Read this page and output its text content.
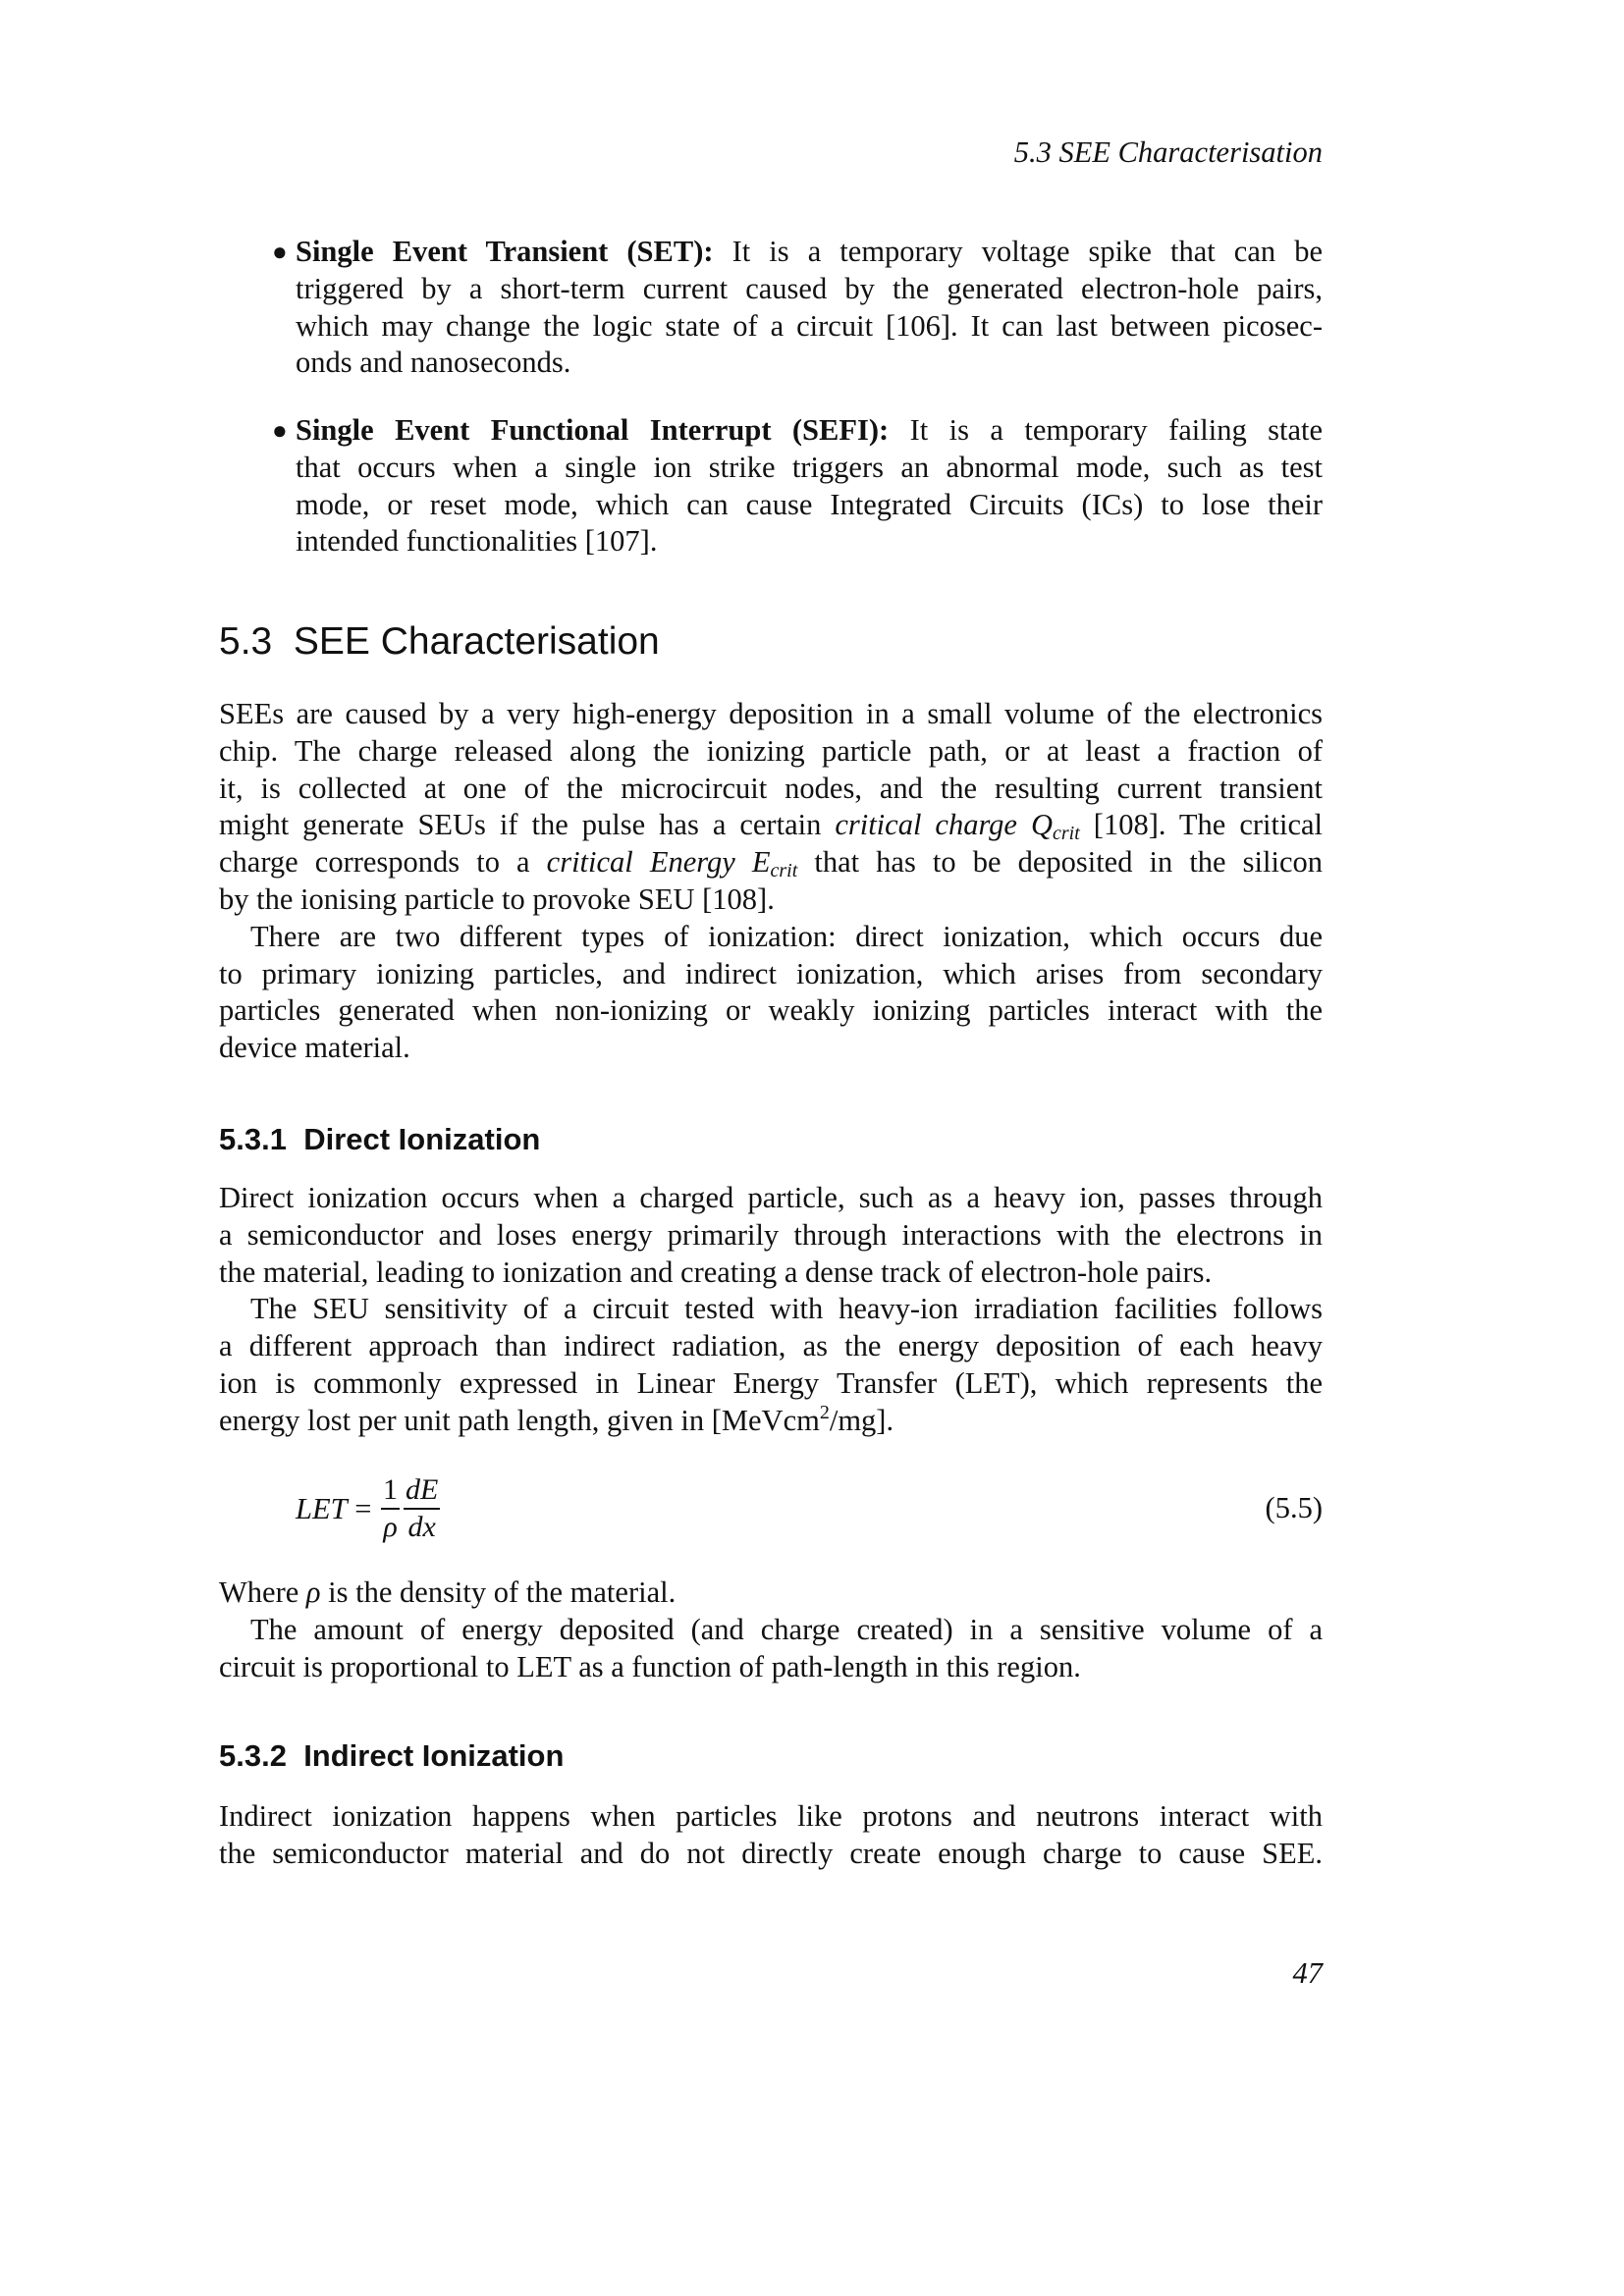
5.3 SEE Characterisation
● Single Event Transient (SET): It is a temporary voltage spike that can be
triggered by a short-term current caused by the generated electron-hole pairs,
which may change the logic state of a circuit [106]. It can last between picosec-
onds and nanoseconds.
● Single Event Functional Interrupt (SEFI): It is a temporary failing state
that occurs when a single ion strike triggers an abnormal mode, such as test
mode, or reset mode, which can cause Integrated Circuits (ICs) to lose their
intended functionalities [107].
5.3 SEE Characterisation
SEEs are caused by a very high-energy deposition in a small volume of the electronics
chip. The charge released along the ionizing particle path, or at least a fraction of
it, is collected at one of the microcircuit nodes, and the resulting current transient
might generate SEUs if the pulse has a certain critical charge $Q_{crit}$ [108]. The critical
charge corresponds to a critical Energy $E_{crit}$ that has to be deposited in the silicon
by the ionising particle to provoke SEU [108].
There are two different types of ionization: direct ionization, which occurs due
to primary ionizing particles, and indirect ionization, which arises from secondary
particles generated when non-ionizing or weakly ionizing particles interact with the
device material.
5.3.1 Direct Ionization
Direct ionization occurs when a charged particle, such as a heavy ion, passes through
a semiconductor and loses energy primarily through interactions with the electrons in
the material, leading to ionization and creating a dense track of electron-hole pairs.
The SEU sensitivity of a circuit tested with heavy-ion irradiation facilities follows
a different approach than indirect radiation, as the energy deposition of each heavy
ion is commonly expressed in Linear Energy Transfer (LET), which represents the
energy lost per unit path length, given in [MeVcm$^2$/mg].
LET = $\frac{1}{\rho} \frac{dE}{dx}$	(5.5)
Where ρ is the density of the material.
The amount of energy deposited (and charge created) in a sensitive volume of a
circuit is proportional to LET as a function of path-length in this region.
5.3.2 Indirect Ionization
Indirect ionization happens when particles like protons and neutrons interact with
the semiconductor material and do not directly create enough charge to cause SEE.
47
